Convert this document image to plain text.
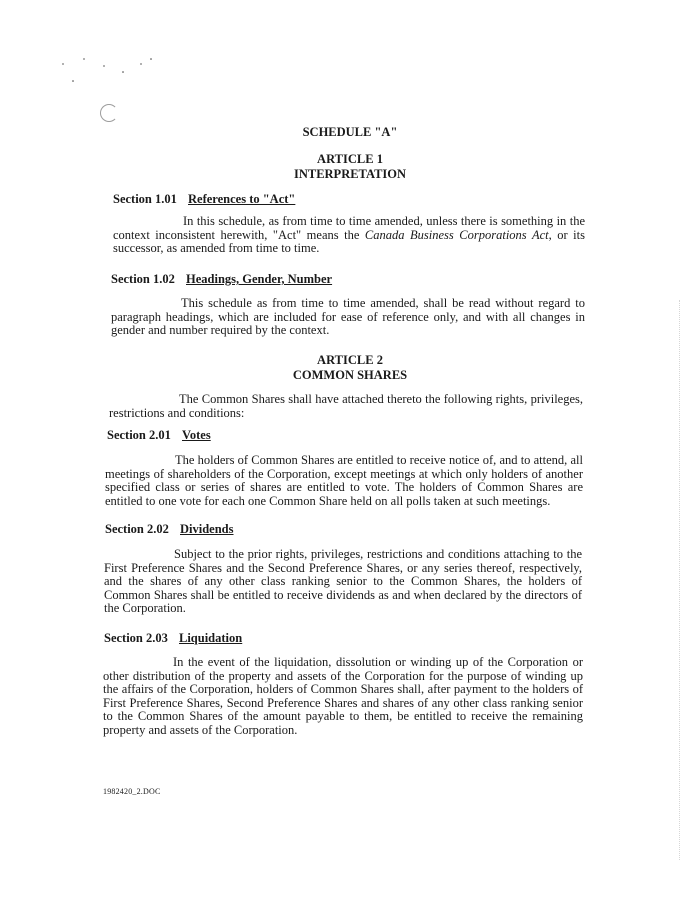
SCHEDULE "A"
ARTICLE 1
INTERPRETATION
Section 1.01 References to "Act"

In this schedule, as from time to time amended, unless there is something in the context inconsistent herewith, "Act" means the Canada Business Corporations Act, or its successor, as amended from time to time.

Section 1.02 Headings, Gender, Number

This schedule as from time to time amended, shall be read without regard to paragraph headings, which are included for ease of reference only, and with all changes in gender and number required by the context.

ARTICLE 2
COMMON SHARES

The Common Shares shall have attached thereto the following rights, privileges, restrictions and conditions:

Section 2.01 Votes

The holders of Common Shares are entitled to receive notice of, and to attend, all meetings of shareholders of the Corporation, except meetings at which only holders of another specified class or series of shares are entitled to vote. The holders of Common Shares are entitled to one vote for each one Common Share held on all polls taken at such meetings.

Section 2.02 Dividends

Subject to the prior rights, privileges, restrictions and conditions attaching to the First Preference Shares and the Second Preference Shares, or any series thereof, respectively, and the shares of any other class ranking senior to the Common Shares, the holders of Common Shares shall be entitled to receive dividends as and when declared by the directors of the Corporation.

Section 2.03 Liquidation

In the event of the liquidation, dissolution or winding up of the Corporation or other distribution of the property and assets of the Corporation for the purpose of winding up the affairs of the Corporation, holders of Common Shares shall, after payment to the holders of First Preference Shares, Second Preference Shares and shares of any other class ranking senior to the Common Shares of the amount payable to them, be entitled to receive the remaining property and assets of the Corporation.

1982420_2.DOC
